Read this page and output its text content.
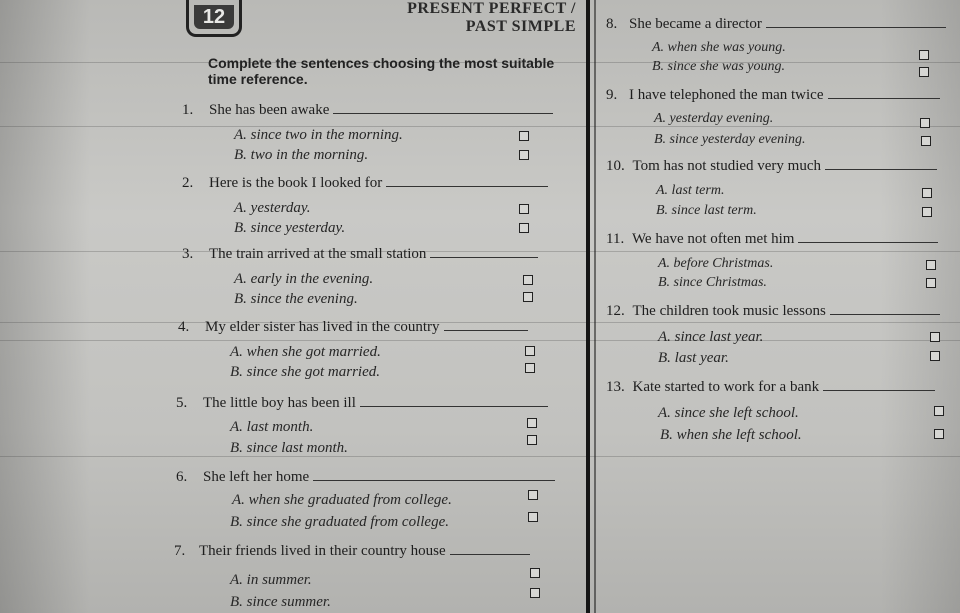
12	PRESENT PERFECT /
PAST SIMPLE
Complete the sentences choosing the most suitable time reference.
1. She has been awake
A. since two in the morning.
B. two in the morning.
2. Here is the book I looked for
A. yesterday.
B. since yesterday.
3. The train arrived at the small station
A. early in the evening.
B. since the evening.
4. My elder sister has lived in the country
A. when she got married.
B. since she got married.
5. The little boy has been ill
A. last month.
B. since last month.
6. She left her home
A. when she graduated from college.
B. since she graduated from college.
7. Their friends lived in their country house
A. in summer.
B. since summer.
8. She became a director
A. when she was young.
B. since she was young.
9. I have telephoned the man twice
A. yesterday evening.
B. since yesterday evening.
10. Tom has not studied very much
A. last term.
B. since last term.
11. We have not often met him
A. before Christmas.
B. since Christmas.
12. The children took music lessons
A. since last year.
B. last year.
13. Kate started to work for a bank
A. since she left school.
B. when she left school.
